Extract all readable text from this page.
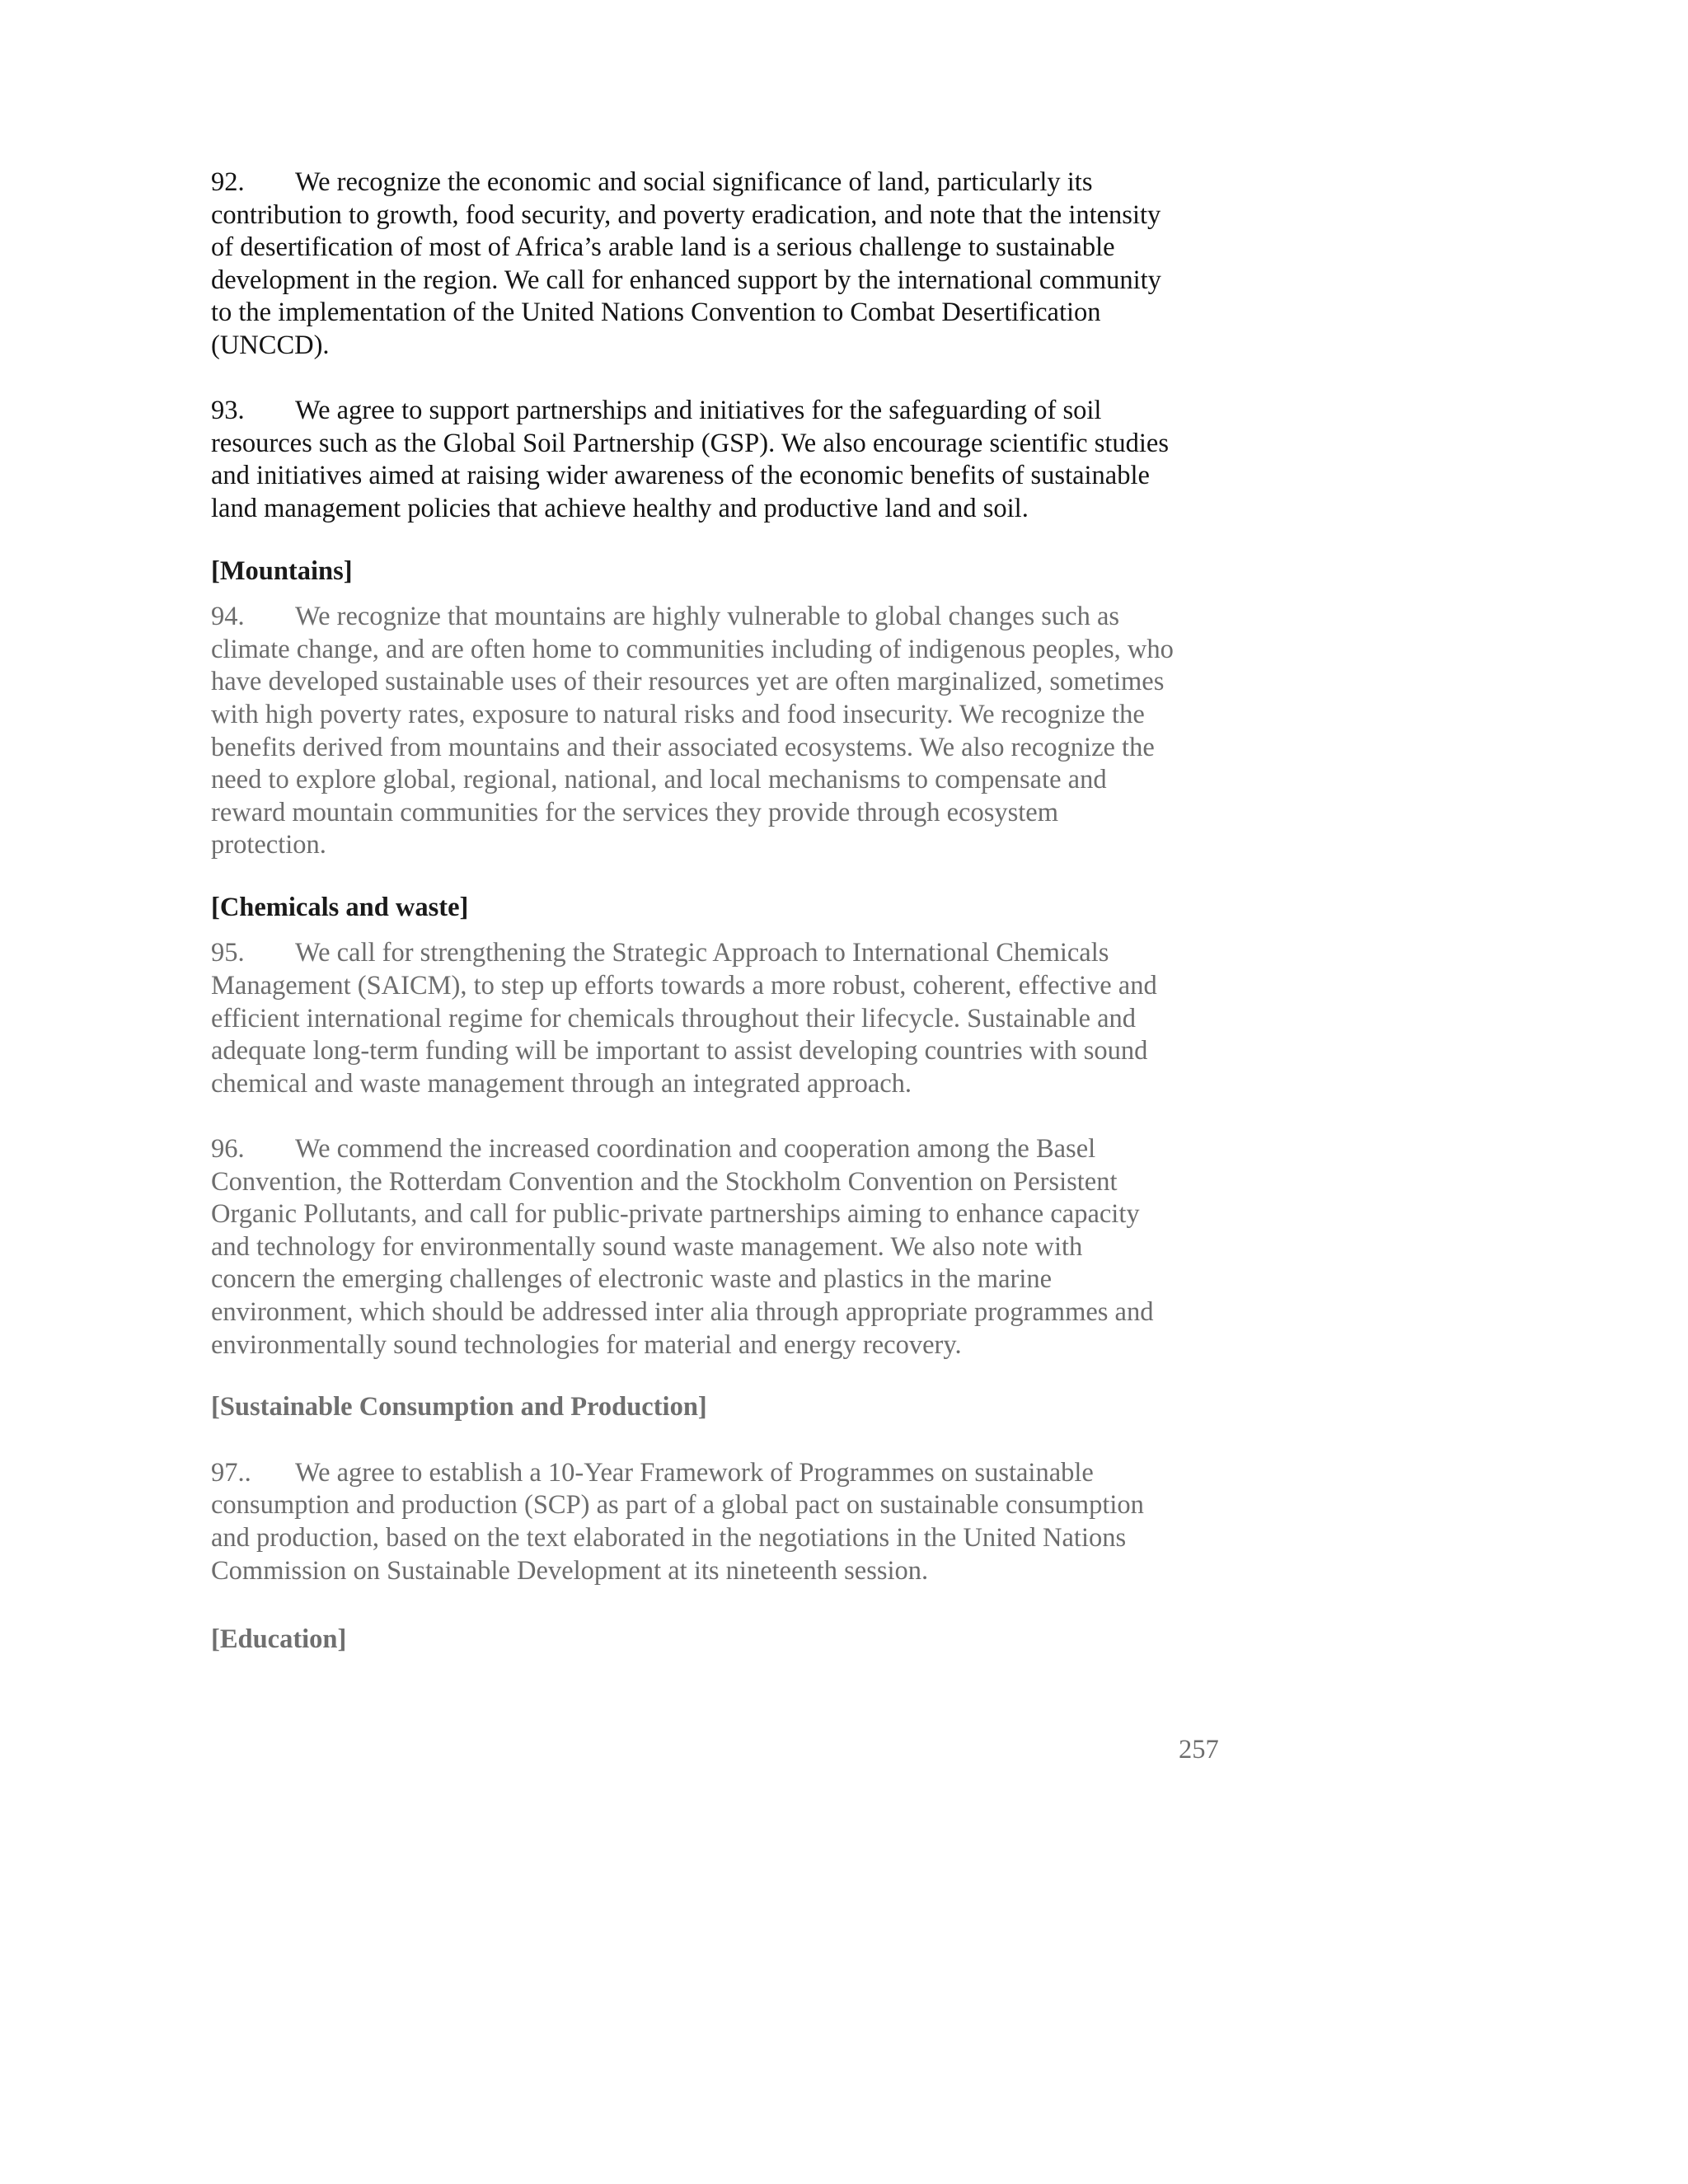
92. We recognize the economic and social significance of land, particularly its
contribution to growth, food security, and poverty eradication, and note that the intensity
of desertification of most of Africa’s arable land is a serious challenge to sustainable
development in the region. We call for enhanced support by the international community
to the implementation of the United Nations Convention to Combat Desertification
(UNCCD).
93. We agree to support partnerships and initiatives for the safeguarding of soil
resources such as the Global Soil Partnership (GSP). We also encourage scientific studies
and initiatives aimed at raising wider awareness of the economic benefits of sustainable
land management policies that achieve healthy and productive land and soil.
[Mountains]
94. We recognize that mountains are highly vulnerable to global changes such as
climate change, and are often home to communities including of indigenous peoples, who
have developed sustainable uses of their resources yet are often marginalized, sometimes
with high poverty rates, exposure to natural risks and food insecurity. We recognize the
benefits derived from mountains and their associated ecosystems. We also recognize the
need to explore global, regional, national, and local mechanisms to compensate and
reward mountain communities for the services they provide through ecosystem
protection.
[Chemicals and waste]
95. We call for strengthening the Strategic Approach to International Chemicals
Management (SAICM), to step up efforts towards a more robust, coherent, effective and
efficient international regime for chemicals throughout their lifecycle. Sustainable and
adequate long-term funding will be important to assist developing countries with sound
chemical and waste management through an integrated approach.
96. We commend the increased coordination and cooperation among the Basel
Convention, the Rotterdam Convention and the Stockholm Convention on Persistent
Organic Pollutants, and call for public-private partnerships aiming to enhance capacity
and technology for environmentally sound waste management. We also note with
concern the emerging challenges of electronic waste and plastics in the marine
environment, which should be addressed inter alia through appropriate programmes and
environmentally sound technologies for material and energy recovery.
[Sustainable Consumption and Production]
97.. We agree to establish a 10-Year Framework of Programmes on sustainable
consumption and production (SCP) as part of a global pact on sustainable consumption
and production, based on the text elaborated in the negotiations in the United Nations
Commission on Sustainable Development at its nineteenth session.
[Education]
257
